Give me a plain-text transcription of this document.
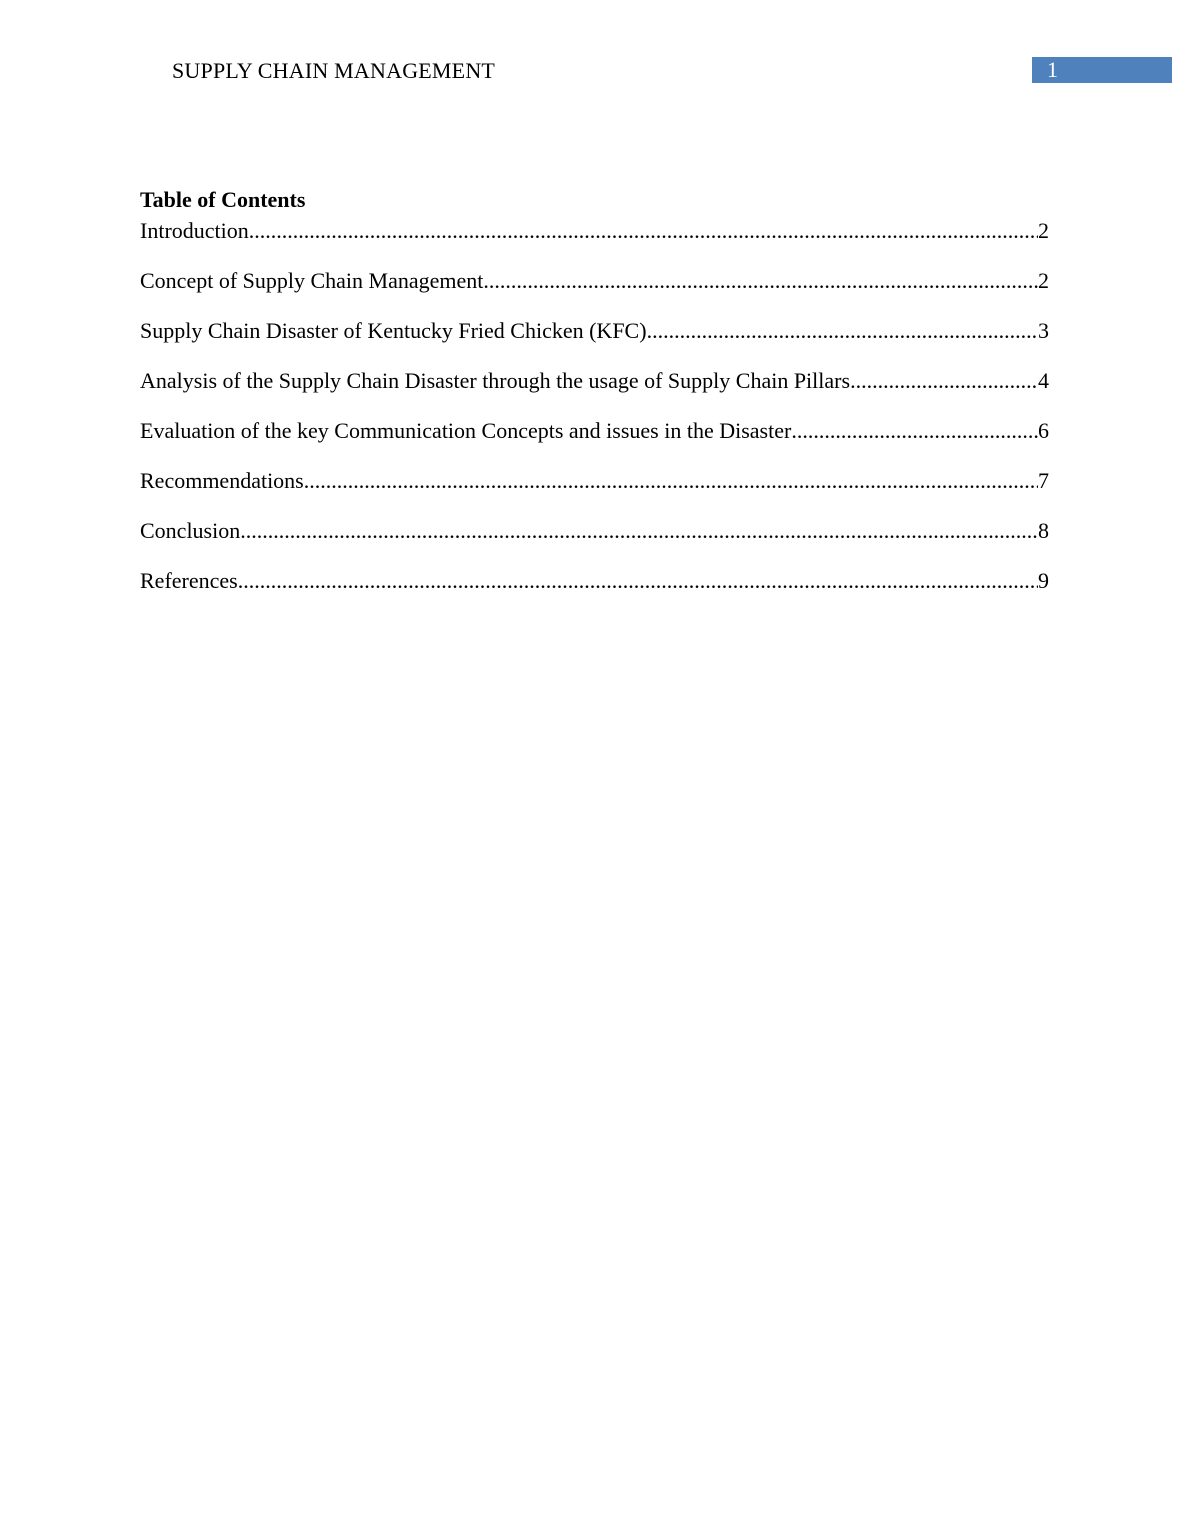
SUPPLY CHAIN MANAGEMENT	1

Table of Contents

Introduction .....	2
Concept of Supply Chain Management .....	2
Supply Chain Disaster of Kentucky Fried Chicken (KFC) .....	3
Analysis of the Supply Chain Disaster through the usage of Supply Chain Pillars .....	4
Evaluation of the key Communication Concepts and issues in the Disaster .....	6
Recommendations .....	7
Conclusion .....	8
References .....	9
